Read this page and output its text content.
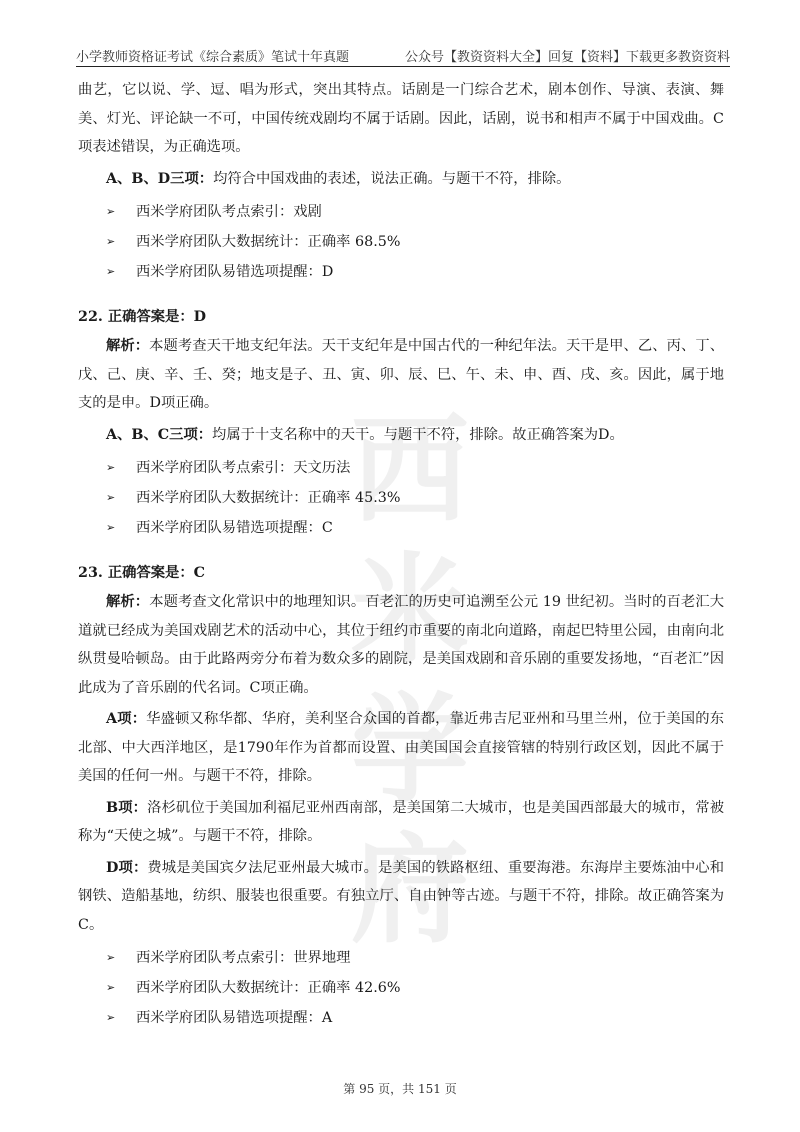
小学教师资格证考试《综合素质》笔试十年真题	公众号【教资资料大全】回复【资料】下载更多教资资料
西米
学府

曲艺，它以说、学、逗、唱为形式，突出其特点。话剧是一门综合艺术，剧本创作、导演、表演、舞美、灯光、评论缺一不可，中国传统戏剧均不属于话剧。因此，话剧，说书和相声不属于中国戏曲。C项表述错误，为正确选项。

A、B、D三项：均符合中国戏曲的表述，说法正确。与题干不符，排除。

➢	西米学府团队考点索引：戏剧
➢	西米学府团队大数据统计：正确率 68.5%
➢	西米学府团队易错选项提醒：D
22. 正确答案是：D

解析：本题考查天干地支纪年法。天干支纪年是中国古代的一种纪年法。天干是甲、乙、丙、丁、戊、己、庚、辛、壬、癸；地支是子、丑、寅、卯、辰、巳、午、未、申、酉、戌、亥。因此，属于地支的是申。D项正确。

A、B、C三项：均属于十支名称中的天干。与题干不符，排除。故正确答案为D。

➢	西米学府团队考点索引：天文历法
➢	西米学府团队大数据统计：正确率 45.3%
➢	西米学府团队易错选项提醒：C
23. 正确答案是：C

解析：本题考查文化常识中的地理知识。百老汇的历史可追溯至公元 19 世纪初。当时的百老汇大道就已经成为美国戏剧艺术的活动中心，其位于纽约市重要的南北向道路，南起巴特里公园，由南向北纵贯曼哈顿岛。由于此路两旁分布着为数众多的剧院，是美国戏剧和音乐剧的重要发扬地，“百老汇”因此成为了音乐剧的代名词。C项正确。

A项：华盛顿又称华都、华府，美利坚合众国的首都，靠近弗吉尼亚州和马里兰州，位于美国的东北部、中大西洋地区，是1790年作为首都而设置、由美国国会直接管辖的特别行政区划，因此不属于美国的任何一州。与题干不符，排除。

B项：洛杉矶位于美国加利福尼亚州西南部，是美国第二大城市，也是美国西部最大的城市，常被称为“天使之城”。与题干不符，排除。

D项：费城是美国宾夕法尼亚州最大城市。是美国的铁路枢纽、重要海港。东海岸主要炼油中心和钢铁、造船基地，纺织、服装也很重要。有独立厅、自由钟等古迹。与题干不符，排除。故正确答案为C。

➢	西米学府团队考点索引：世界地理
➢	西米学府团队大数据统计：正确率 42.6%
➢	西米学府团队易错选项提醒：A
第 95 页，共 151 页
